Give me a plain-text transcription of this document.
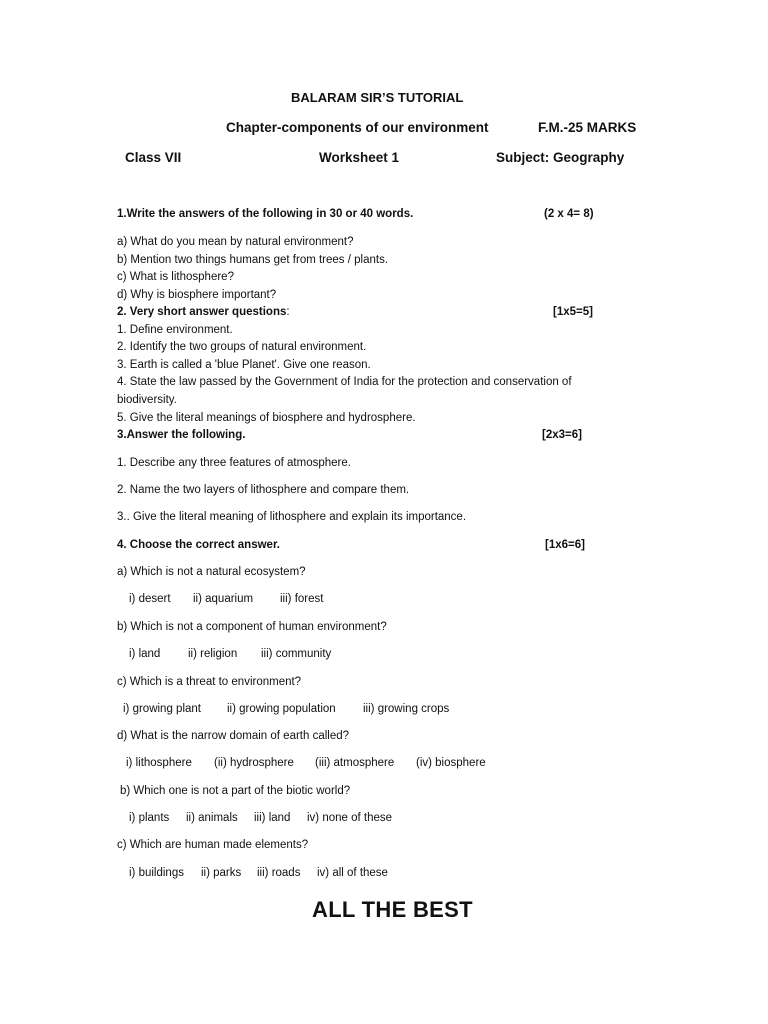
BALARAM SIR’S TUTORIAL
Chapter-components of our environment	F.M.-25 MARKS
Class VII	Worksheet 1	Subject: Geography
1.Write the answers of the following in 30 or 40 words.	(2 x 4= 8)
a) What do you mean by natural environment?
b) Mention two things humans get from trees / plants.
c) What is lithosphere?
d) Why is biosphere important?
2. Very short answer questions:	[1x5=5]
1. Define environment.
2. Identify the two groups of natural environment.
3. Earth is called a 'blue Planet'. Give one reason.
4. State the law passed by the Government of India for the protection and conservation of
biodiversity.
5. Give the literal meanings of biosphere and hydrosphere.
3.Answer the following.	[2x3=6]
1. Describe any three features of atmosphere.
2. Name the two layers of lithosphere and compare them.
3.. Give the literal meaning of lithosphere and explain its importance.
4. Choose the correct answer.	[1x6=6]
a) Which is not a natural ecosystem?
i) desert ii) aquarium iii) forest
b) Which is not a component of human environment?
i) land ii) religion iii) community
c) Which is a threat to environment?
i) growing plant ii) growing population iii) growing crops
d) What is the narrow domain of earth called?
i) lithosphere (ii) hydrosphere (iii) atmosphere (iv) biosphere
b) Which one is not a part of the biotic world?
i) plants ii) animals iii) land iv) none of these
c) Which are human made elements?
i) buildings ii) parks iii) roads iv) all of these
ALL THE BEST
